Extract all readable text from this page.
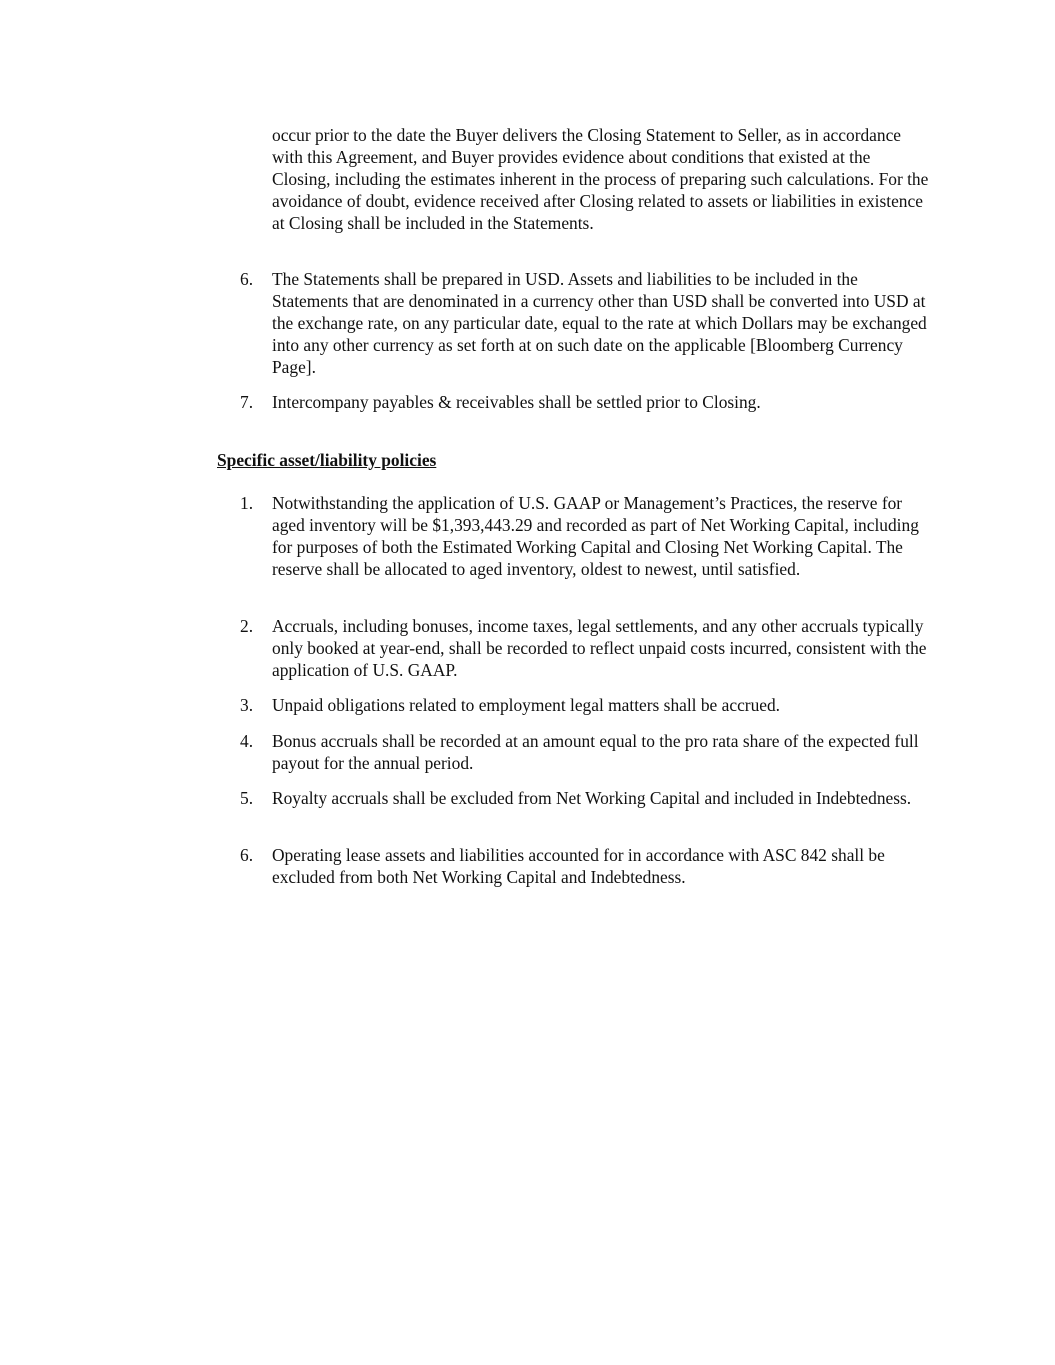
occur prior to the date the Buyer delivers the Closing Statement to Seller, as in accordance with this Agreement, and Buyer provides evidence about conditions that existed at the Closing, including the estimates inherent in the process of preparing such calculations. For the avoidance of doubt, evidence received after Closing related to assets or liabilities in existence at Closing shall be included in the Statements.

6.	The Statements shall be prepared in USD. Assets and liabilities to be included in the Statements that are denominated in a currency other than USD shall be converted into USD at the exchange rate, on any particular date, equal to the rate at which Dollars may be exchanged into any other currency as set forth at on such date on the applicable [Bloomberg Currency Page].
7.	Intercompany payables & receivables shall be settled prior to Closing.
Specific asset/liability policies
1.	Notwithstanding the application of U.S. GAAP or Management’s Practices, the reserve for aged inventory will be $1,393,443.29 and recorded as part of Net Working Capital, including for purposes of both the Estimated Working Capital and Closing Net Working Capital. The reserve shall be allocated to aged inventory, oldest to newest, until satisfied.
2.	Accruals, including bonuses, income taxes, legal settlements, and any other accruals typically only booked at year-end, shall be recorded to reflect unpaid costs incurred, consistent with the application of U.S. GAAP.
3.	Unpaid obligations related to employment legal matters shall be accrued.
4.	Bonus accruals shall be recorded at an amount equal to the pro rata share of the expected full payout for the annual period.
5.	Royalty accruals shall be excluded from Net Working Capital and included in Indebtedness.
6.	Operating lease assets and liabilities accounted for in accordance with ASC 842 shall be excluded from both Net Working Capital and Indebtedness.
